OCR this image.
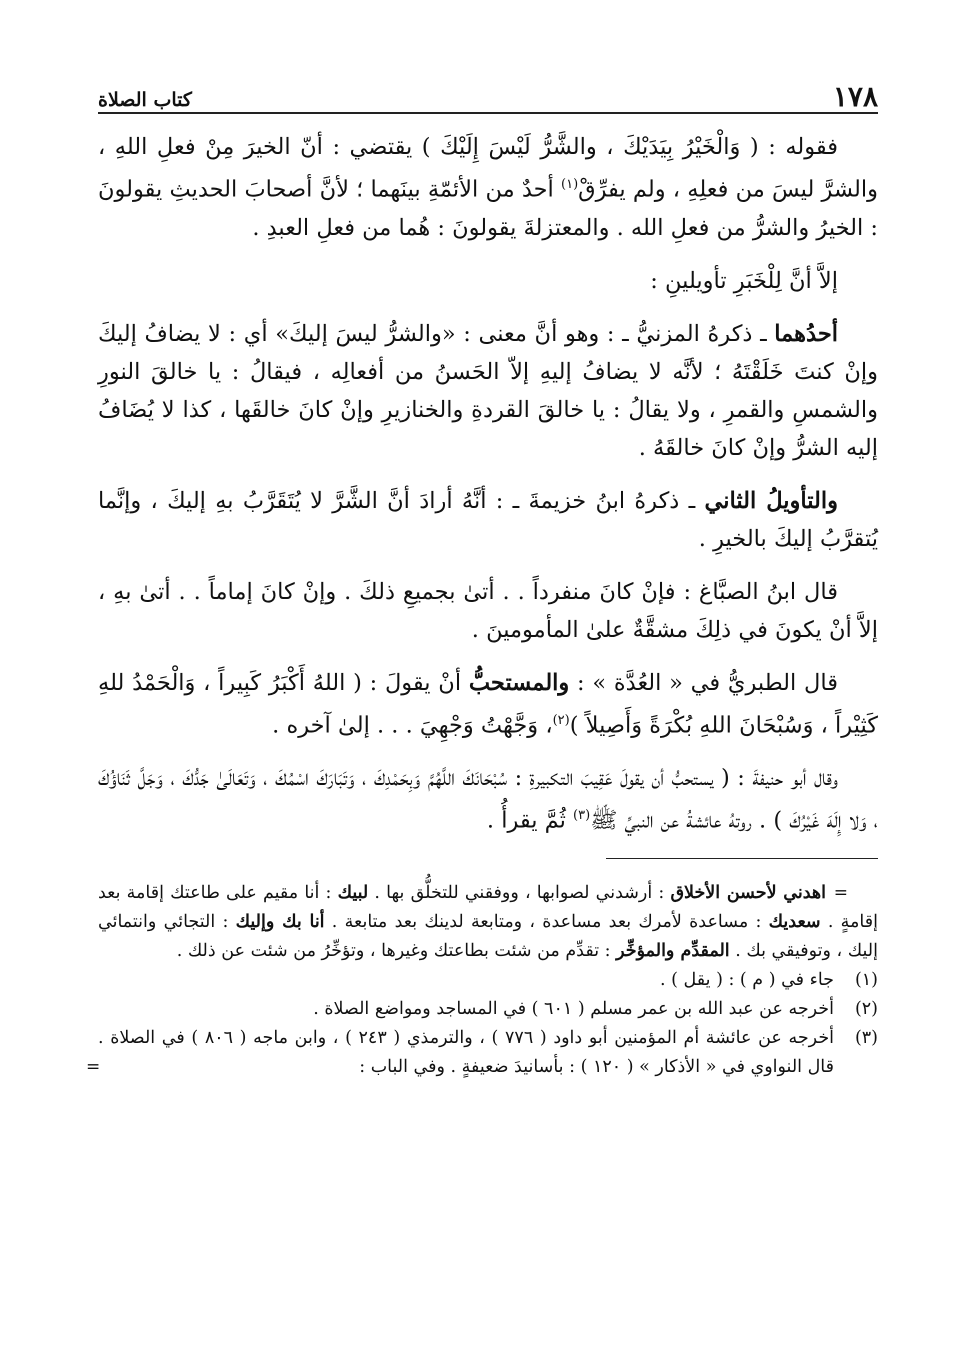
١٧٨
كتاب الصلاة

فقوله : ( وَالْخَيْرُ بِيَدَيْكَ ، والشَّرُّ لَيْسَ إِلَيْكَ ) يقتضي : أنّ الخيرَ مِنْ فعلِ اللهِ ، والشرَّ ليسَ من فعلِهِ ، ولم يفرِّقْ$^{(١)}$ أحدٌ من الأئمّةِ بينَهما ؛ لأنَّ أصحابَ الحديثِ يقولونَ : الخيرُ والشرُّ من فعلِ الله . والمعتزلةَ يقولونَ : هُما من فعلِ العبدِ .

إلاَّ أنَّ لِلْخَبَرِ تأويلينِ :

أحدُهما ـ ذكرهُ المزنيُّ ـ : وهو أنَّ معنى : «والشرُّ ليسَ إليكَ» أي : لا يضافُ إليكَ وإنْ كنتَ خَلَقْتَهُ ؛ لأنَّه لا يضافُ إليهِ إلاّ الحَسنُ من أفعالِه ، فيقالُ : يا خالقَ النورِ والشمسِ والقمرِ ، ولا يقالُ : يا خالقَ القردةِ والخنازيرِ وإنْ كانَ خالقَها ، كذا لا يُضَافُ إليه الشرُّ وإنْ كانَ خالقَهُ .

والتأويلُ الثاني ـ ذكرهُ ابنُ خزيمةَ ـ : أنَّهُ أرادَ أنَّ الشَّرَّ لا يُتَقَرَّبُ بهِ إليكَ ، وإنَّما يُتقرَّبُ إليكَ بالخيرِ .

قال ابنُ الصبَّاغ : فإنْ كانَ منفرداً . . أتىٰ بجميعِ ذلكَ . وإنْ كانَ إماماً . . أتىٰ بهِ ، إلاَّ أنْ يكونَ في ذلِكَ مشقَّةٌ علىٰ المأمومينَ .

قال الطبريُّ في « العُدَّة » : والمستحبُّ أنْ يقولَ : ( اللهُ أَكْبَرُ كَبِيراً ، وَالْحَمْدُ للهِ كَثِيْراً ، وَسُبْحَانَ اللهِ بُكْرَةً وَأَصِيلاً )$^{(٢)}$، وَجَّهْتُ وَجْهِيَ . . . إلىٰ آخره .

وقال أبو حنيفةَ : ( يستحبُّ أن يقولَ عَقِيبَ التكبيرةِ : سُبْحَانَكَ اللَّهُمَّ وَبِحَمْدِكَ ، وَتَبَارَكَ اسْمُكَ ، وَتَعَالَىٰ جَدُّكَ ، وَجَلَّ ثَنَاؤُكَ ، وَلا إِلَهَ غَيْرُكَ ) . روتهُ عائشةُ عن النبيِّ ﷺ$^{(٣)}$ ثُمَّ يقرأُ .

=
اهدني لأحسن الأخلاق : أرشدني لصوابها ، ووفقني للتخلُّق بها . لبيك : أنا مقيم على طاعتك إقامة بعد إقامةٍ . سعديك : مساعدة لأمرك بعد مساعدة ، ومتابعة لدينك بعد متابعة . أنا بك وإليك : التجائي وانتمائي إليك ، وتوفيقي بك . المقدِّم والمؤخِّر : تقدِّم من شئت بطاعتك وغيرها ، وتؤخِّرُ من شئت عن ذلك .

(١)
جاء في ( م ) : ( يقل ) .
(٢)
أخرجه عن عبد الله بن عمر مسلم ( ٦٠١ ) في المساجد ومواضع الصلاة .
(٣)
أخرجه عن عائشة أم المؤمنين أبو داود ( ٧٧٦ ) ، والترمذي ( ٢٤٣ ) ، وابن ماجه ( ٨٠٦ ) في الصلاة . قال النواوي في « الأذكار » ( ١٢٠ ) : بأسانيدَ ضعيفةٍ . وفي الباب :
=
